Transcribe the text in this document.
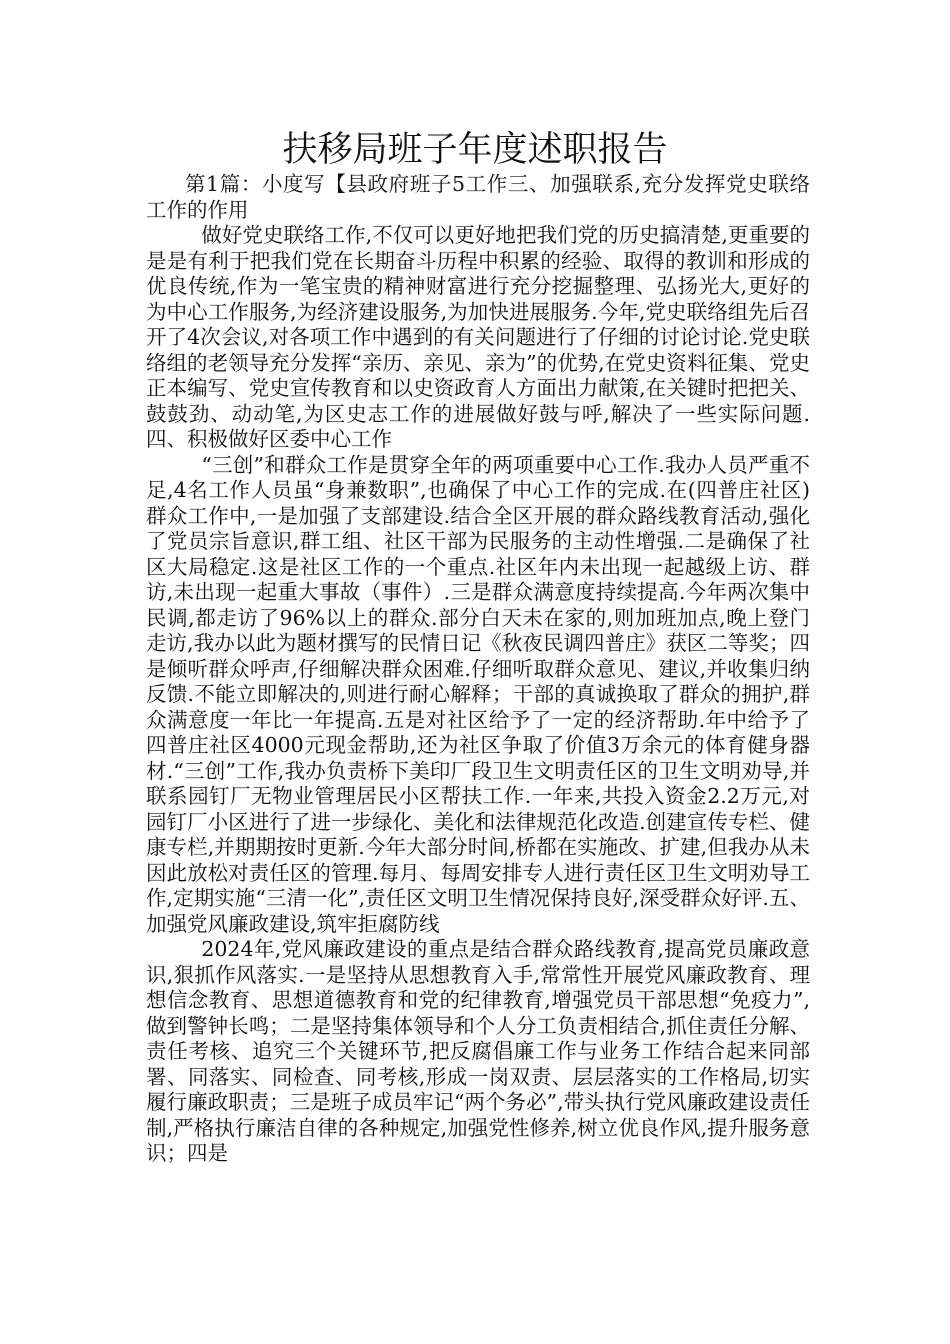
扶移局班子年度述职报告

第1篇：小度写【县政府班子5工作三、加强联系,充分发挥党史联络工作的作用

做好党史联络工作,不仅可以更好地把我们党的历史搞清楚,更重要的是是有利于把我们党在长期奋斗历程中积累的经验、取得的教训和形成的优良传统,作为一笔宝贵的精神财富进行充分挖掘整理、弘扬光大,更好的为中心工作服务,为经济建设服务,为加快进展服务.今年,党史联络组先后召开了4次会议,对各项工作中遇到的有关问题进行了仔细的讨论讨论.党史联络组的老领导充分发挥“亲历、亲见、亲为”的优势,在党史资料征集、党史正本编写、党史宣传教育和以史资政育人方面出力献策,在关键时把把关、鼓鼓劲、动动笔,为区史志工作的进展做好鼓与呼,解决了一些实际问题.四、积极做好区委中心工作

“三创”和群众工作是贯穿全年的两项重要中心工作.我办人员严重不足,4名工作人员虽“身兼数职”,也确保了中心工作的完成.在(四普庄社区)群众工作中,一是加强了支部建设.结合全区开展的群众路线教育活动,强化了党员宗旨意识,群工组、社区干部为民服务的主动性增强.二是确保了社区大局稳定.这是社区工作的一个重点.社区年内未出现一起越级上访、群访,未出现一起重大事故（事件）.三是群众满意度持续提高.今年两次集中民调,都走访了96%以上的群众.部分白天未在家的,则加班加点,晚上登门走访,我办以此为题材撰写的民情日记《秋夜民调四普庄》获区二等奖；四是倾听群众呼声,仔细解决群众困难.仔细听取群众意见、建议,并收集归纳反馈.不能立即解决的,则进行耐心解释；干部的真诚换取了群众的拥护,群众满意度一年比一年提高.五是对社区给予了一定的经济帮助.年中给予了四普庄社区4000元现金帮助,还为社区争取了价值3万余元的体育健身器材.“三创”工作,我办负责桥下美印厂段卫生文明责任区的卫生文明劝导,并联系园钉厂无物业管理居民小区帮扶工作.一年来,共投入资金2.2万元,对园钉厂小区进行了进一步绿化、美化和法律规范化改造.创建宣传专栏、健康专栏,并期期按时更新.今年大部分时间,桥都在实施改、扩建,但我办从未因此放松对责任区的管理.每月、每周安排专人进行责任区卫生文明劝导工作,定期实施“三清一化”,责任区文明卫生情况保持良好,深受群众好评.五、加强党风廉政建设,筑牢拒腐防线

2024年,党风廉政建设的重点是结合群众路线教育,提高党员廉政意识,狠抓作风落实.一是坚持从思想教育入手,常常性开展党风廉政教育、理想信念教育、思想道德教育和党的纪律教育,增强党员干部思想“免疫力”,做到警钟长鸣；二是坚持集体领导和个人分工负责相结合,抓住责任分解、责任考核、追究三个关键环节,把反腐倡廉工作与业务工作结合起来同部署、同落实、同检查、同考核,形成一岗双责、层层落实的工作格局,切实履行廉政职责；三是班子成员牢记“两个务必”,带头执行党风廉政建设责任制,严格执行廉洁自律的各种规定,加强党性修养,树立优良作风,提升服务意识；四是
